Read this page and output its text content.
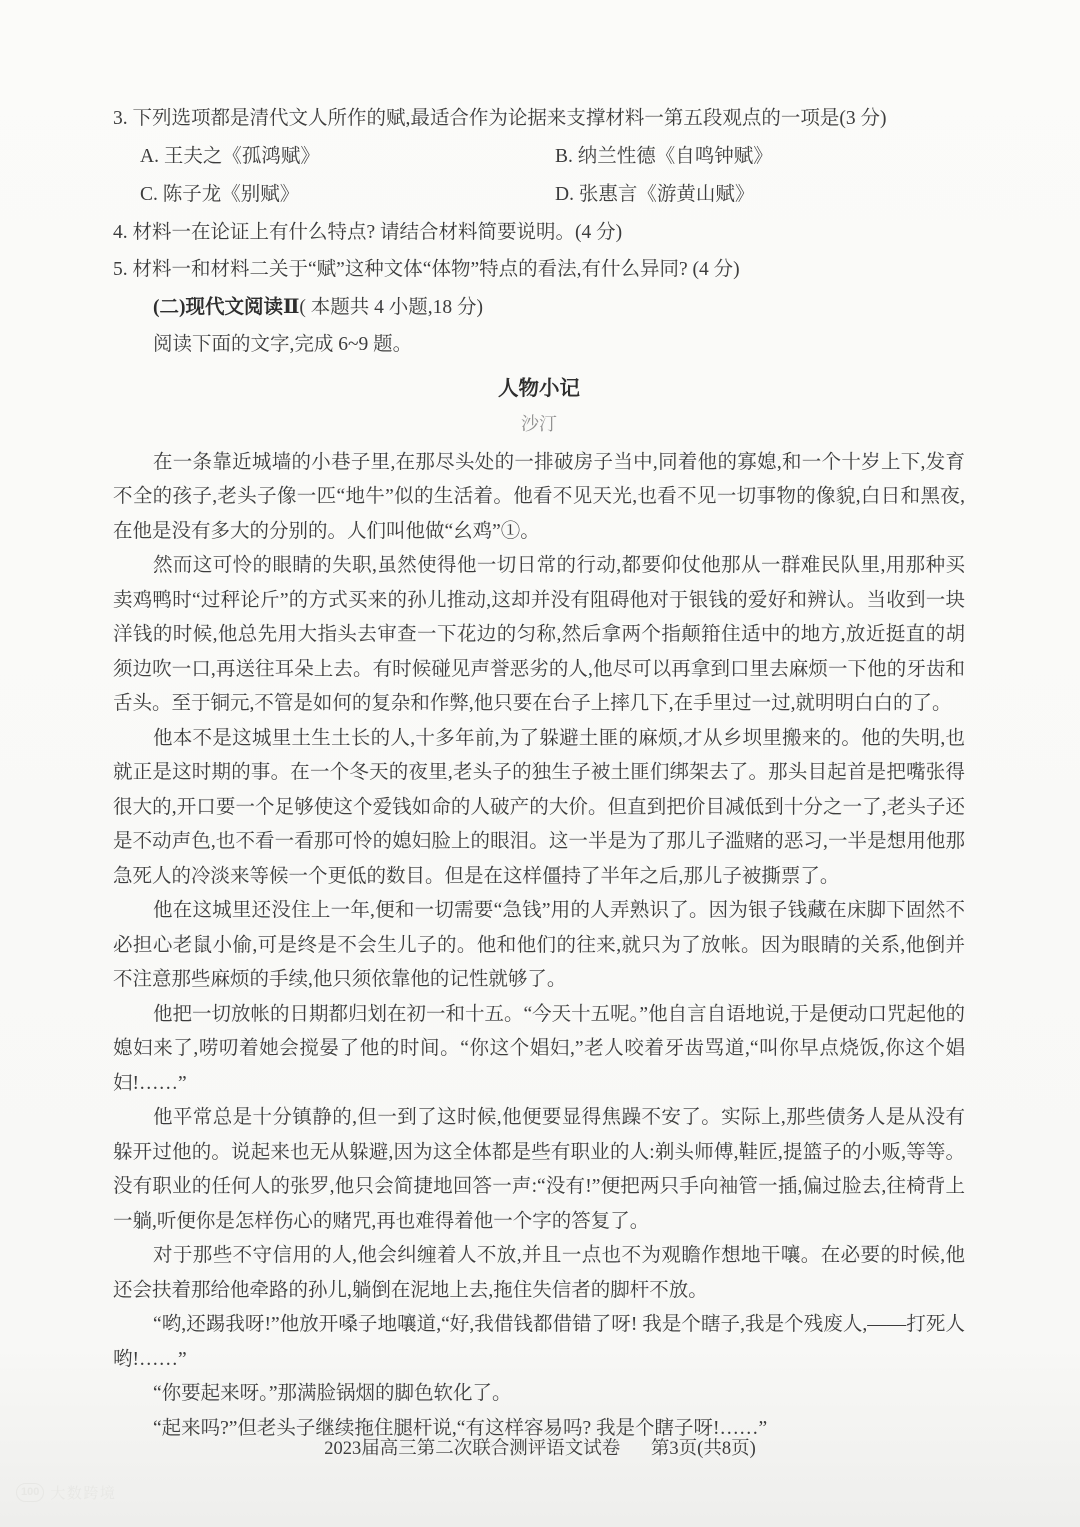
3. 下列选项都是清代文人所作的赋,最适合作为论据来支撑材料一第五段观点的一项是(3 分)

A. 王夫之《孤鸿赋》	B. 纳兰性德《自鸣钟赋》
C. 陈子龙《别赋》	D. 张惠言《游黄山赋》

4. 材料一在论证上有什么特点? 请结合材料简要说明。(4 分)

5. 材料一和材料二关于“赋”这种文体“体物”特点的看法,有什么异同? (4 分)

(二)现代文阅读Ⅱ( 本题共 4 小题,18 分)

阅读下面的文字,完成 6~9 题。

人物小记
沙汀

在一条靠近城墙的小巷子里,在那尽头处的一排破房子当中,同着他的寡媳,和一个十岁上下,发育不全的孩子,老头子像一匹“地牛”似的生活着。他看不见天光,也看不见一切事物的像貌,白日和黑夜,在他是没有多大的分别的。人们叫他做“幺鸡”①。

然而这可怜的眼睛的失职,虽然使得他一切日常的行动,都要仰仗他那从一群难民队里,用那种买卖鸡鸭时“过秤论斤”的方式买来的孙儿推动,这却并没有阻碍他对于银钱的爱好和辨认。当收到一块洋钱的时候,他总先用大指头去审查一下花边的匀称,然后拿两个指颠箝住适中的地方,放近挺直的胡须边吹一口,再送往耳朵上去。有时候碰见声誉恶劣的人,他尽可以再拿到口里去麻烦一下他的牙齿和舌头。至于铜元,不管是如何的复杂和作弊,他只要在台子上摔几下,在手里过一过,就明明白白的了。

他本不是这城里土生土长的人,十多年前,为了躲避土匪的麻烦,才从乡坝里搬来的。他的失明,也就正是这时期的事。在一个冬天的夜里,老头子的独生子被土匪们绑架去了。那头目起首是把嘴张得很大的,开口要一个足够使这个爱钱如命的人破产的大价。但直到把价目减低到十分之一了,老头子还是不动声色,也不看一看那可怜的媳妇脸上的眼泪。这一半是为了那儿子滥赌的恶习,一半是想用他那急死人的冷淡来等候一个更低的数目。但是在这样僵持了半年之后,那儿子被撕票了。

他在这城里还没住上一年,便和一切需要“急钱”用的人弄熟识了。因为银子钱藏在床脚下固然不必担心老鼠小偷,可是终是不会生儿子的。他和他们的往来,就只为了放帐。因为眼睛的关系,他倒并不注意那些麻烦的手续,他只须依靠他的记性就够了。

他把一切放帐的日期都归划在初一和十五。“今天十五呢。”他自言自语地说,于是便动口咒起他的媳妇来了,唠叨着她会搅晏了他的时间。“你这个娼妇,”老人咬着牙齿骂道,“叫你早点烧饭,你这个娼妇!……”

他平常总是十分镇静的,但一到了这时候,他便要显得焦躁不安了。实际上,那些债务人是从没有躲开过他的。说起来也无从躲避,因为这全体都是些有职业的人:剃头师傅,鞋匠,提篮子的小贩,等等。没有职业的任何人的张罗,他只会简捷地回答一声:“没有!”便把两只手向袖管一插,偏过脸去,往椅背上一躺,听便你是怎样伤心的赌咒,再也难得着他一个字的答复了。

对于那些不守信用的人,他会纠缠着人不放,并且一点也不为观瞻作想地干嚷。在必要的时候,他还会扶着那给他牵路的孙儿,躺倒在泥地上去,拖住失信者的脚杆不放。

“哟,还踢我呀!”他放开嗓子地嚷道,“好,我借钱都借错了呀! 我是个瞎子,我是个残废人,——打死人哟!……”

“你要起来呀。”那满脸锅烟的脚色软化了。

“起来吗?”但老头子继续拖住腿杆说,“有这样容易吗? 我是个瞎子呀!……”

2023届高三第二次联合测评语文试卷 第3页(共8页)
100 大数跨境
